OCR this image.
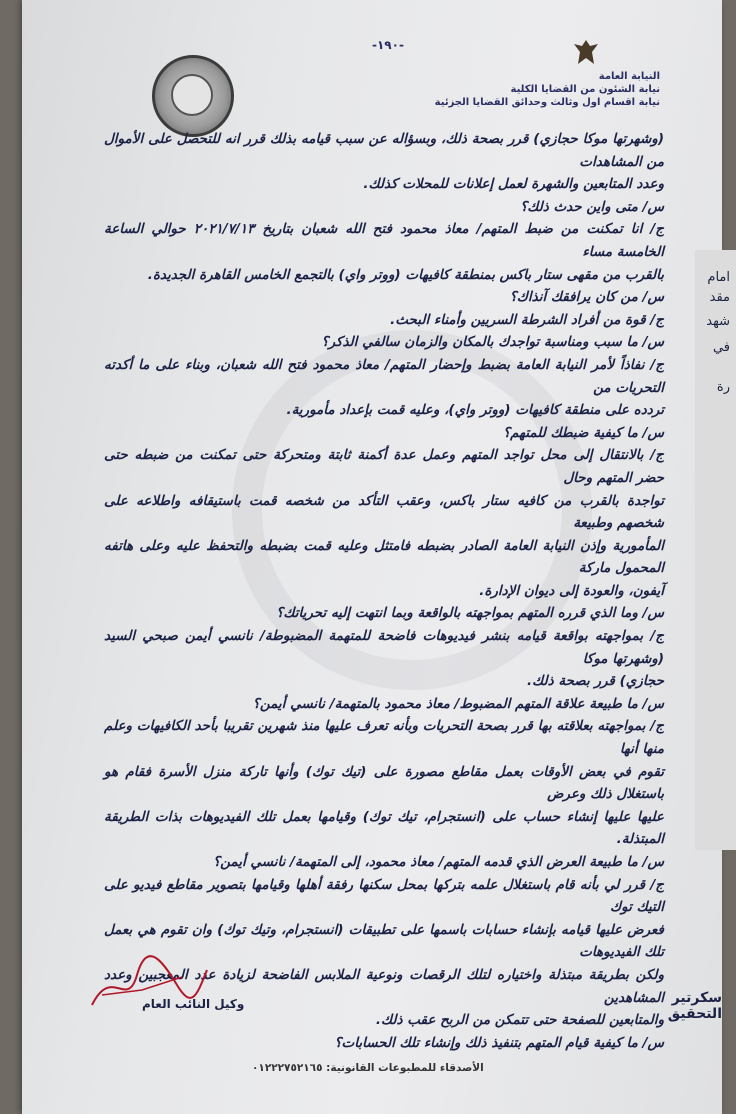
-١٩٠-
النيابة العامة
نيابة الشئون من القضايا الكلية
نيابة اقسام اول وثالث وحدائق القضايا الجزئية

(وشهرتها موكا حجازي) قرر بصحة ذلك، وبسؤاله عن سبب قيامه بذلك قرر انه للتحصل على الأموال من المشاهدات

وعدد المتابعين والشهرة لعمل إعلانات للمحلات كذلك.

س/ متى واين حدث ذلك؟

ج/ انا تمكنت من ضبط المتهم/ معاذ محمود فتح الله شعبان بتاريخ ٢٠٢١/٧/١٣ حوالي الساعة الخامسة مساء

بالقرب من مقهى ستار باكس بمنطقة كافيهات (ووتر واي) بالتجمع الخامس القاهرة الجديدة.

س/ من كان يرافقك آنذاك؟

ج/ قوة من أفراد الشرطة السريين وأمناء البحث.

س/ ما سبب ومناسبة تواجدك بالمكان والزمان سالفي الذكر؟

ج/ نفاذاً لأمر النيابة العامة بضبط وإحضار المتهم/ معاذ محمود فتح الله شعبان، وبناء على ما أكدته التحريات من

تردده على منطقة كافيهات (ووتر واي)، وعليه قمت بإعداد مأمورية.

س/ ما كيفية ضبطك للمتهم؟

ج/ بالانتقال إلى محل تواجد المتهم وعمل عدة أكمنة ثابتة ومتحركة حتى تمكنت من ضبطه حتى حضر المتهم وحال

تواجدة بالقرب من كافيه ستار باكس، وعقب التأكد من شخصه قمت باستيقافه واطلاعه على شخصهم وطبيعة

المأمورية وإذن النيابة العامة الصادر بضبطه فامتثل وعليه قمت بضبطه والتحفظ عليه وعلى هاتفه المحمول ماركة

آيفون، والعودة إلى ديوان الإدارة.

س/ وما الذي قرره المتهم بمواجهته بالواقعة وبما انتهت إليه تحرياتك؟

ج/ بمواجهته بواقعة قيامه بنشر فيديوهات فاضحة للمتهمة المضبوطة/ نانسي أيمن صبحي السيد (وشهرتها موكا

حجازي) قرر بصحة ذلك.

س/ ما طبيعة علاقة المتهم المضبوط/ معاذ محمود بالمتهمة/ نانسي أيمن؟

ج/ بمواجهته بعلاقته بها قرر بصحة التحريات وبأنه تعرف عليها منذ شهرين تقريبا بأحد الكافيهات وعلم منها أنها

تقوم في بعض الأوقات بعمل مقاطع مصورة على (تيك توك) وأنها تاركة منزل الأسرة فقام هو باستغلال ذلك وعرض

عليها عليها إنشاء حساب على (انستجرام، تيك توك) وقيامها بعمل تلك الفيديوهات بذات الطريقة المبتذلة.

س/ ما طبيعة العرض الذي قدمه المتهم/ معاذ محمود، إلى المتهمة/ نانسي أيمن؟

ج/ قرر لي بأنه قام باستغلال علمه بتركها بمحل سكنها رفقة أهلها وقيامها بتصوير مقاطع فيديو على التيك توك

فعرض عليها قيامه بإنشاء حسابات باسمها على تطبيقات (انستجرام، وتيك توك) وان تقوم هي بعمل تلك الفيديوهات

ولكن بطريقة مبتذلة واختياره لتلك الرقصات ونوعية الملابس الفاضحة لزيادة عدد المعجبين وعدد المشاهدين

والمتابعين للصفحة حتى تتمكن من الربح عقب ذلك.

س/ ما كيفية قيام المتهم بتنفيذ ذلك وإنشاء تلك الحسابات؟

وكيل النائب العام	سكرتير التحقيق
الأصدقاء للمطبوعات القانونية: ٠١٢٢٢٧٥٢١٦٥
امام
مقد
شهد
في
رة
